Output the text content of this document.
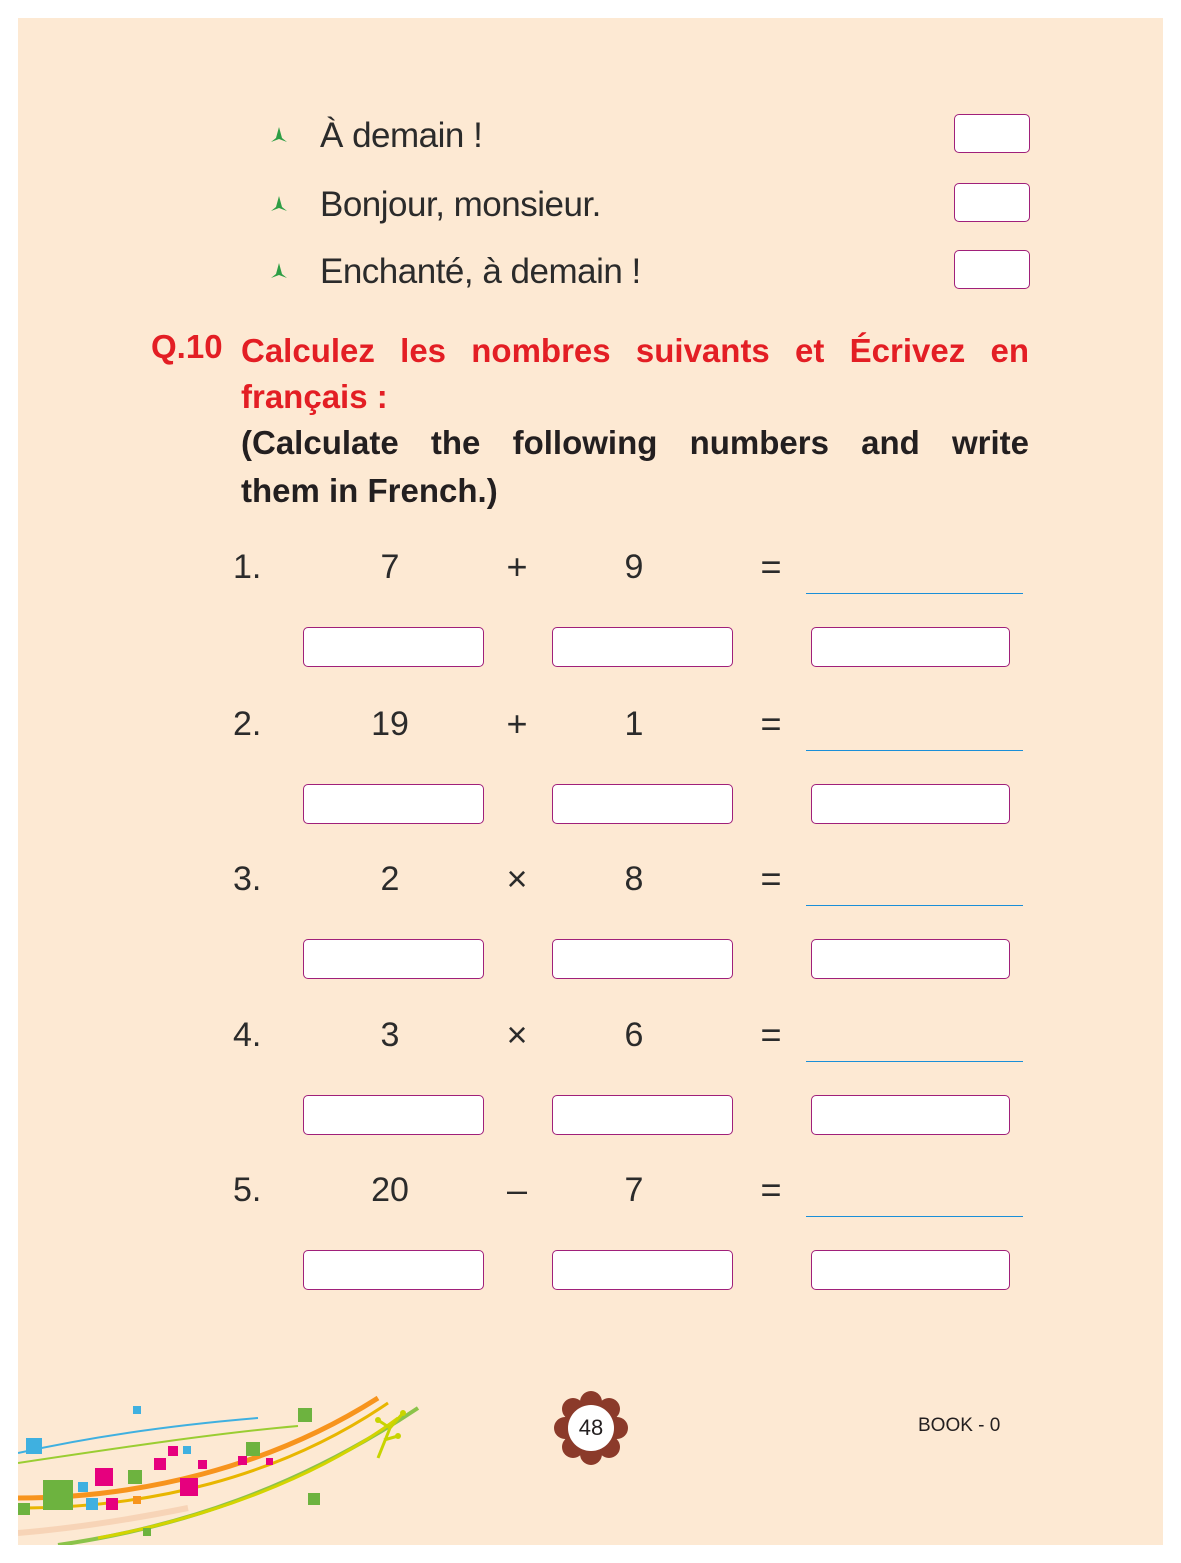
À demain !
Bonjour, monsieur.
Enchanté, à demain !
Q.10 Calculez les nombres suivants et Écrivez en
français :
(Calculate the following numbers and write
them in French.)
1.	7	+	9	=
2.	19	+	1	=
3.	2	×	8	=
4.	3	×	6	=
5.	20	–	7	=
48	BOOK - 0
